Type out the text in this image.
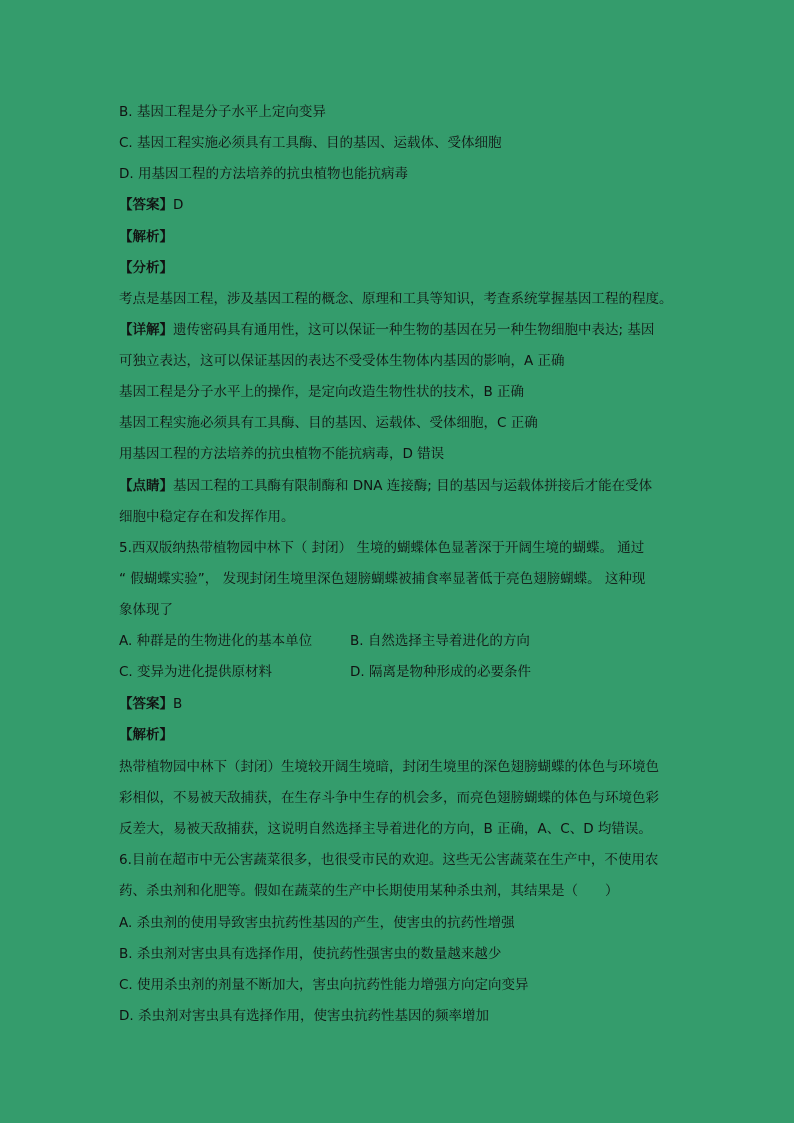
B. 基因工程是分子水平上定向变异
C. 基因工程实施必须具有工具酶、目的基因、运载体、受体细胞
D. 用基因工程的方法培养的抗虫植物也能抗病毒
【答案】D
【解析】
【分析】
考点是基因工程，涉及基因工程的概念、原理和工具等知识，考查系统掌握基因工程的程度。
【详解】遗传密码具有通用性，这可以保证一种生物的基因在另一种生物细胞中表达; 基因
可独立表达，这可以保证基因的表达不受受体生物体内基因的影响，A 正确
基因工程是分子水平上的操作，是定向改造生物性状的技术，B 正确
基因工程实施必须具有工具酶、目的基因、运载体、受体细胞，C 正确
用基因工程的方法培养的抗虫植物不能抗病毒，D 错误
【点睛】基因工程的工具酶有限制酶和 DNA 连接酶; 目的基因与运载体拼接后才能在受体
细胞中稳定存在和发挥作用。
5.西双版纳热带植物园中林下（ 封闭） 生境的蝴蝶体色显著深于开阔生境的蝴蝶。 通过
“ 假蝴蝶实验”， 发现封闭生境里深色翅膀蝴蝶被捕食率显著低于亮色翅膀蝴蝶。 这种现
象体现了
A. 种群是的生物进化的基本单位	B. 自然选择主导着进化的方向
C. 变异为进化提供原材料	D. 隔离是物种形成的必要条件
【答案】B
【解析】
热带植物园中林下（封闭）生境较开阔生境暗，封闭生境里的深色翅膀蝴蝶的体色与环境色
彩相似，不易被天敌捕获，在生存斗争中生存的机会多，而亮色翅膀蝴蝶的体色与环境色彩
反差大，易被天敌捕获，这说明自然选择主导着进化的方向，B 正确，A、C、D 均错误。
6.目前在超市中无公害蔬菜很多，也很受市民的欢迎。这些无公害蔬菜在生产中，不使用农
药、杀虫剂和化肥等。假如在蔬菜的生产中长期使用某种杀虫剂，其结果是（　　）
A. 杀虫剂的使用导致害虫抗药性基因的产生，使害虫的抗药性增强
B. 杀虫剂对害虫具有选择作用，使抗药性强害虫的数量越来越少
C. 使用杀虫剂的剂量不断加大，害虫向抗药性能力增强方向定向变异
D. 杀虫剂对害虫具有选择作用，使害虫抗药性基因的频率增加
